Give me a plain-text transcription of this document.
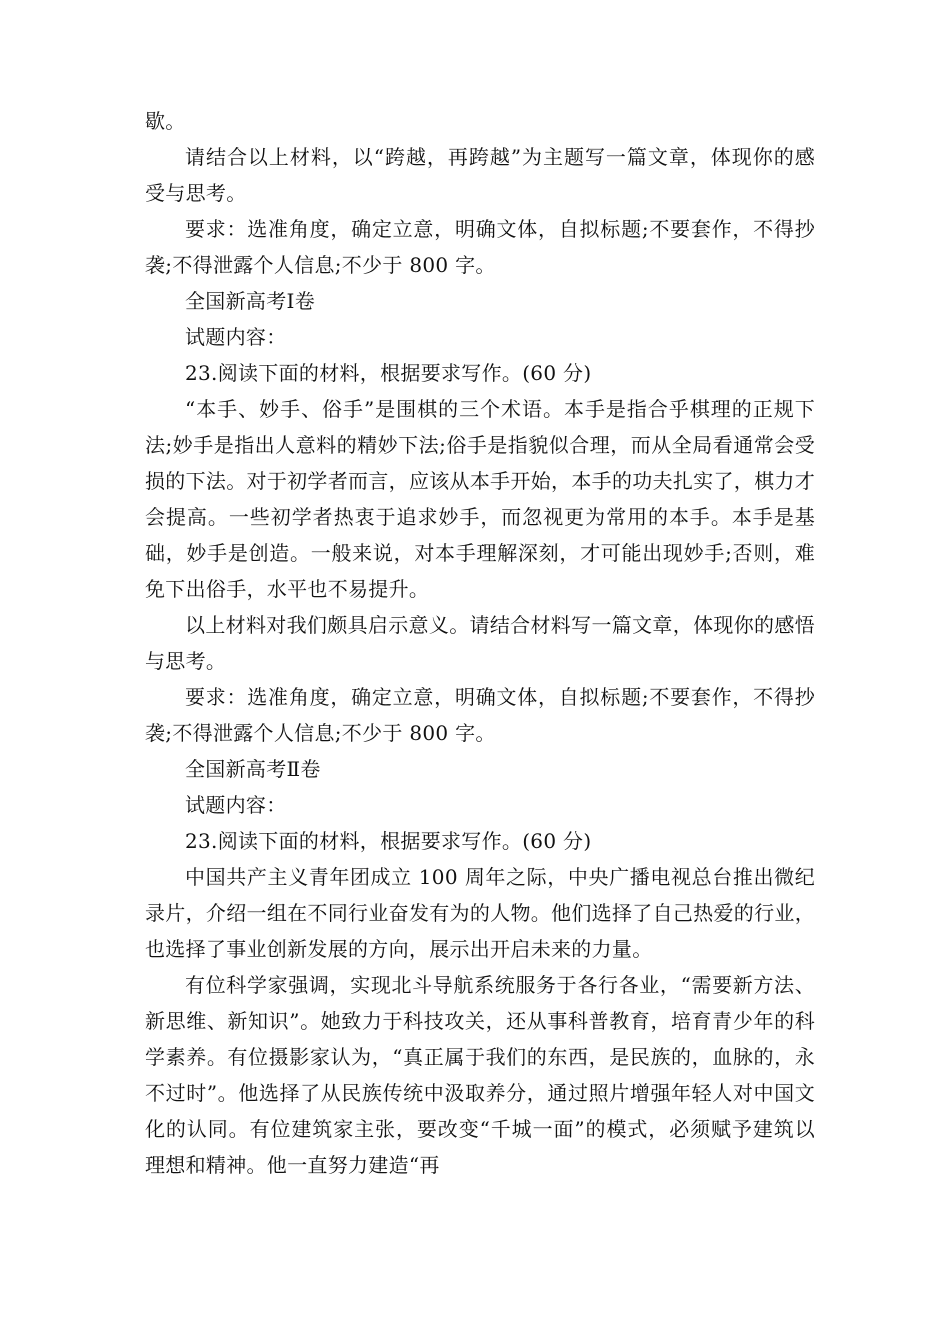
歇。

请结合以上材料，以“跨越，再跨越”为主题写一篇文章，体现你的感受与思考。

要求：选准角度，确定立意，明确文体，自拟标题;不要套作，不得抄袭;不得泄露个人信息;不少于 800 字。

全国新高考Ⅰ卷

试题内容：

23.阅读下面的材料，根据要求写作。(60 分)

“本手、妙手、俗手”是围棋的三个术语。本手是指合乎棋理的正规下法;妙手是指出人意料的精妙下法;俗手是指貌似合理，而从全局看通常会受损的下法。对于初学者而言，应该从本手开始，本手的功夫扎实了，棋力才会提高。一些初学者热衷于追求妙手，而忽视更为常用的本手。本手是基础，妙手是创造。一般来说，对本手理解深刻，才可能出现妙手;否则，难免下出俗手，水平也不易提升。

以上材料对我们颇具启示意义。请结合材料写一篇文章，体现你的感悟与思考。

要求：选准角度，确定立意，明确文体，自拟标题;不要套作，不得抄袭;不得泄露个人信息;不少于 800 字。

全国新高考Ⅱ卷

试题内容：

23.阅读下面的材料，根据要求写作。(60 分)

中国共产主义青年团成立 100 周年之际，中央广播电视总台推出微纪录片，介绍一组在不同行业奋发有为的人物。他们选择了自己热爱的行业，也选择了事业创新发展的方向，展示出开启未来的力量。

有位科学家强调，实现北斗导航系统服务于各行各业，“需要新方法、新思维、新知识”。她致力于科技攻关，还从事科普教育，培育青少年的科学素养。有位摄影家认为，“真正属于我们的东西，是民族的，血脉的，永不过时”。他选择了从民族传统中汲取养分，通过照片增强年轻人对中国文化的认同。有位建筑家主张，要改变“千城一面”的模式，必须赋予建筑以理想和精神。他一直努力建造“再
